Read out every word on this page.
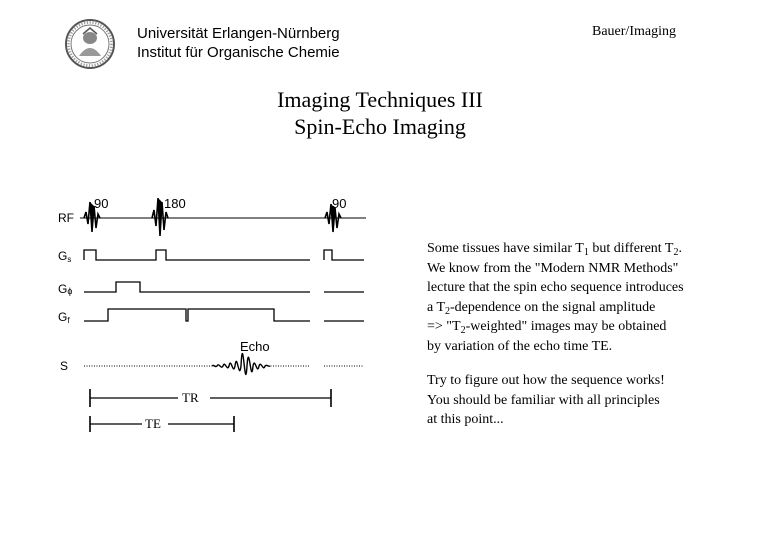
Universität Erlangen-Nürnberg
Institut für Organische Chemie
Bauer/Imaging
Imaging Techniques III
Spin-Echo Imaging
RF
Gs
Gϕ
Gf
S
90	180	90
Echo
TR
TE

Some tissues have similar $T_1$ but different $T_2$.
We know from the "Modern NMR Methods"
lecture that the spin echo sequence introduces
a $T_2$-dependence on the signal amplitude
=> "$T_2$-weighted" images may be obtained
by variation of the echo time TE.

Try to figure out how the sequence works!
You should be familiar with all principles
at this point...
